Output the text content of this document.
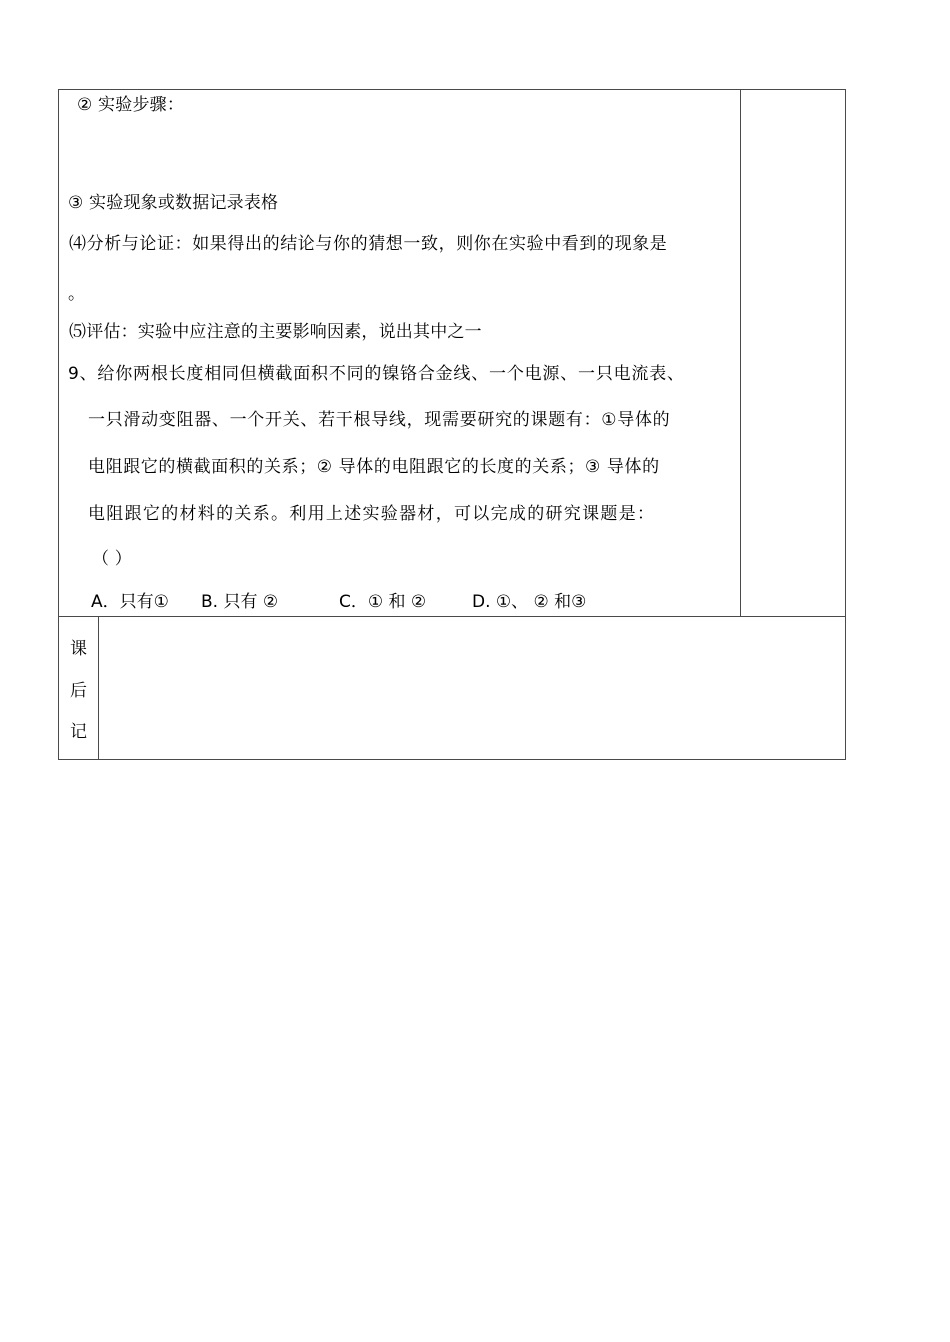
② 实验步骤：
③ 实验现象或数据记录表格
⑷分析与论证：如果得出的结论与你的猜想一致，则你在实验中看到的现象是
。
⑸评估：实验中应注意的主要影响因素，说出其中之一
9、给你两根长度相同但横截面积不同的镍铬合金线、一个电源、一只电流表、
一只滑动变阻器、一个开关、若干根导线，现需要研究的课题有：①导体的
电阻跟它的横截面积的关系；② 导体的电阻跟它的长度的关系；③ 导体的
电阻跟它的材料的关系。利用上述实验器材，可以完成的研究课题是：
（ ）
A．只有① B. 只有 ②	C．① 和 ②	D. ①、 ② 和③
课
后
记
